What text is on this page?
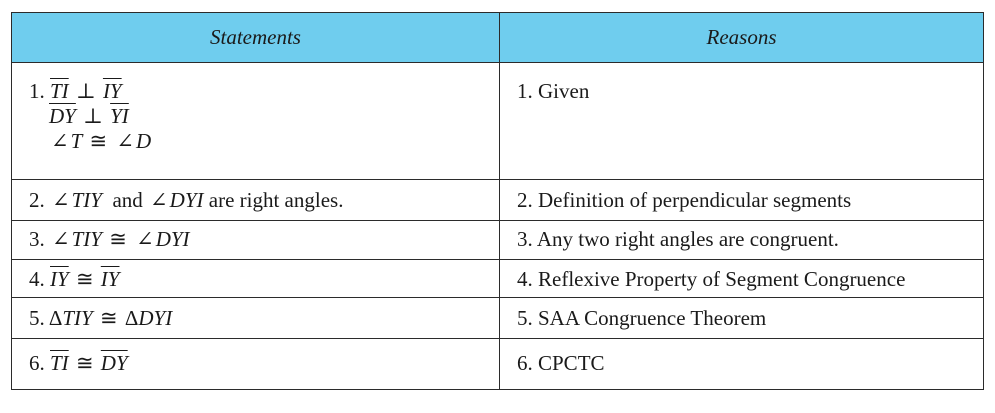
Statements	Reasons

1. $\overline{TI}$ ⊥ $\overline{IY}$
$\overline{DY}$ ⊥ $\overline{YI}$
∠T ≅ ∠D	1. Given

2. ∠TIY and ∠DYI are right angles.	2. Definition of perpendicular segments

3. ∠TIY ≅ ∠DYI	3. Any two right angles are congruent.

4. $\overline{IY}$ ≅ $\overline{IY}$	4. Reflexive Property of Segment Congruence

5. ΔTIY ≅ ΔDYI	5. SAA Congruence Theorem

6. $\overline{TI}$ ≅ $\overline{DY}$	6. CPCTC
